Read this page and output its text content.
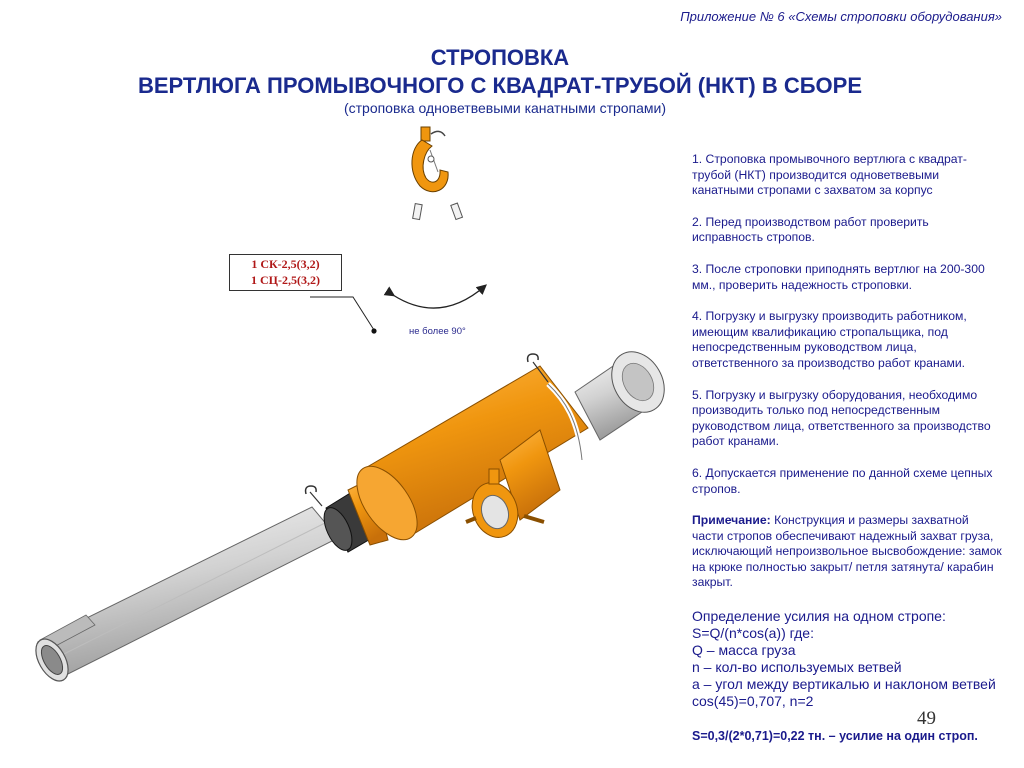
Приложение № 6 «Схемы строповки оборудования»
СТРОПОВКА
ВЕРТЛЮГА ПРОМЫВОЧНОГО С КВАДРАТ-ТРУБОЙ (НКТ) В СБОРЕ
(строповка одноветвевыми канатными стропами)
1 СК-2,5(3,2)
1 СЦ-2,5(3,2)
не более 90°

1. Строповка промывочного вертлюга с квадрат-трубой (НКТ) производится одноветвевыми канатными стропами с захватом за корпус

2. Перед производством работ проверить исправность стропов.

3. После строповки приподнять вертлюг на 200-300 мм., проверить надежность строповки.

4. Погрузку и выгрузку производить работником, имеющим квалификацию стропальщика, под непосредственным руководством лица, ответственного за производство работ кранами.

5. Погрузку и выгрузку оборудования, необходимо производить только под непосредственным руководством лица, ответственного за производство работ кранами.

6. Допускается применение по данной схеме цепных стропов.

Примечание: Конструкция и размеры захватной части стропов обеспечивают надежный захват груза, исключающий непроизвольное высвобождение: замок на крюке полностью закрыт/ петля затянута/ карабин закрыт.

Определение усилия на одном стропе:
S=Q/(n*cos(a)) где:
Q – масса груза
n – кол-во используемых ветвей
a – угол между вертикалью и наклоном ветвей
cos(45)=0,707, n=2
49
S=0,3/(2*0,71)=0,22 тн. – усилие на один строп.
